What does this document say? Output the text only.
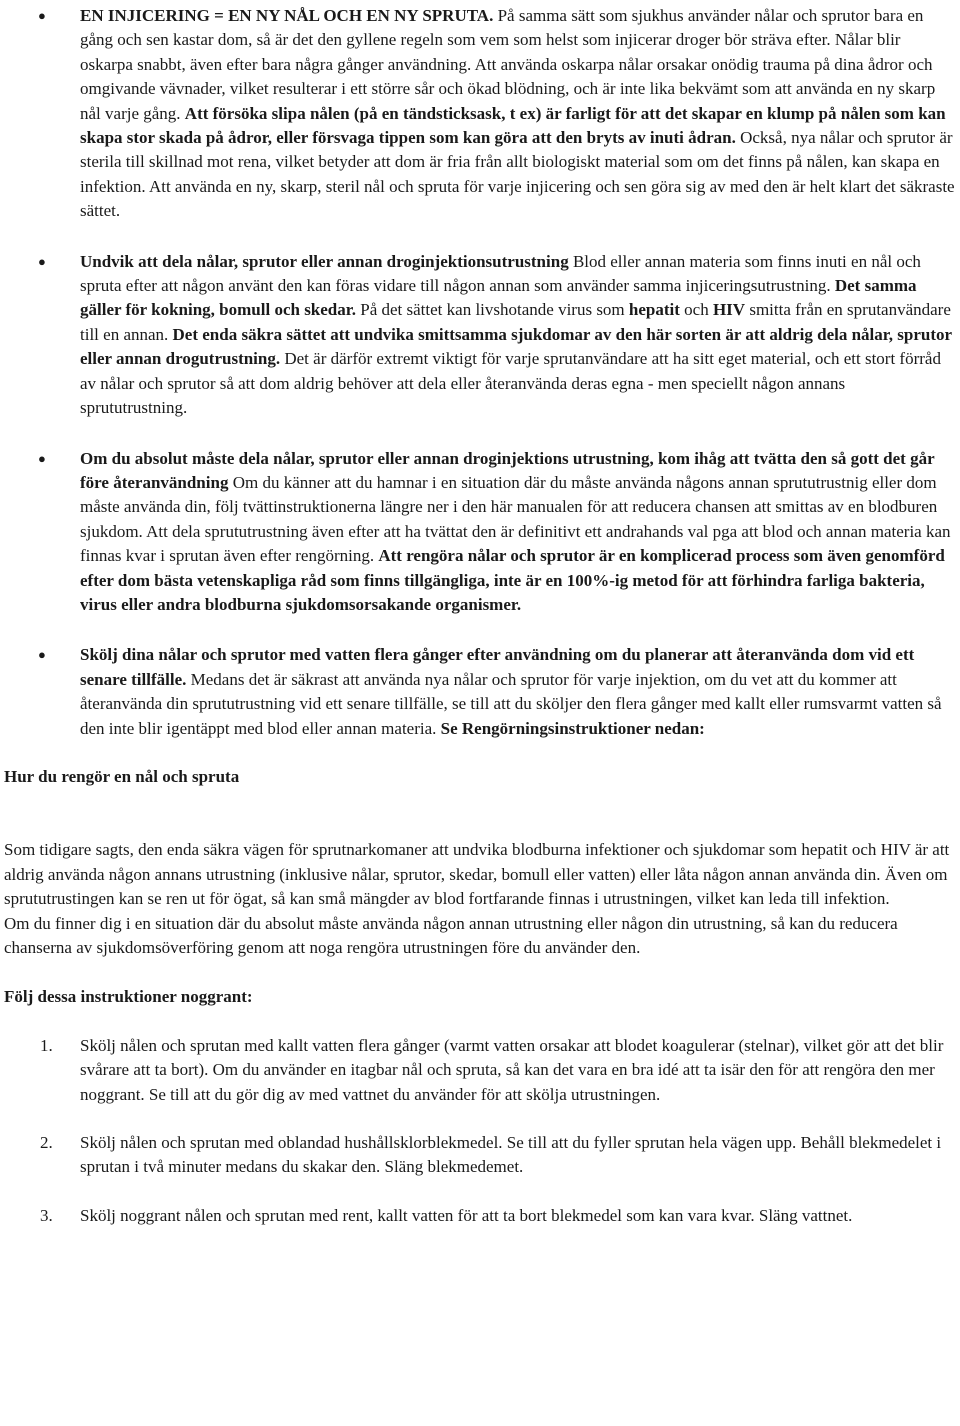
● EN INJICERING = EN NY NÅL OCH EN NY SPRUTA. På samma sätt som sjukhus använder nålar och sprutor bara en gång och sen kastar dom, så är det den gyllene regeln som vem som helst som injicerar droger bör sträva efter. Nålar blir oskarpa snabbt, även efter bara några gånger användning. Att använda oskarpa nålar orsakar onödig trauma på dina ådror och omgivande vävnader, vilket resulterar i ett större sår och ökad blödning, och är inte lika bekvämt som att använda en ny skarp nål varje gång. Att försöka slipa nålen (på en tändsticksask, t ex) är farligt för att det skapar en klump på nålen som kan skapa stor skada på ådror, eller försvaga tippen som kan göra att den bryts av inuti ådran. Också, nya nålar och sprutor är sterila till skillnad mot rena, vilket betyder att dom är fria från allt biologiskt material som om det finns på nålen, kan skapa en infektion. Att använda en ny, skarp, steril nål och spruta för varje injicering och sen göra sig av med den är helt klart det säkraste sättet.
● Undvik att dela nålar, sprutor eller annan droginjektionsutrustning Blod eller annan materia som finns inuti en nål och spruta efter att någon använt den kan föras vidare till någon annan som använder samma injiceringsutrustning. Det samma gäller för kokning, bomull och skedar. På det sättet kan livshotande virus som hepatit och HIV smitta från en sprutanvändare till en annan. Det enda säkra sättet att undvika smittsamma sjukdomar av den här sorten är att aldrig dela nålar, sprutor eller annan drogutrustning. Det är därför extremt viktigt för varje sprutanvändare att ha sitt eget material, och ett stort förråd av nålar och sprutor så att dom aldrig behöver att dela eller återanvända deras egna - men speciellt någon annans sprututrustning.
● Om du absolut måste dela nålar, sprutor eller annan droginjektions utrustning, kom ihåg att tvätta den så gott det går före återanvändning Om du känner att du hamnar i en situation där du måste använda någons annan sprututrustnig eller dom måste använda din, följ tvättinstruktionerna längre ner i den här manualen för att reducera chansen att smittas av en blodburen sjukdom. Att dela sprututrustning även efter att ha tvättat den är definitivt ett andrahands val pga att blod och annan materia kan finnas kvar i sprutan även efter rengörning. Att rengöra nålar och sprutor är en komplicerad process som även genomförd efter dom bästa vetenskapliga råd som finns tillgängliga, inte är en 100%-ig metod för att förhindra farliga bakteria, virus eller andra blodburna sjukdomsorsakande organismer.
● Skölj dina nålar och sprutor med vatten flera gånger efter användning om du planerar att återanvända dom vid ett senare tillfälle. Medans det är säkrast att använda nya nålar och sprutor för varje injektion, om du vet att du kommer att återanvända din sprututrustning vid ett senare tillfälle, se till att du sköljer den flera gånger med kallt eller rumsvarmt vatten så den inte blir igentäppt med blod eller annan materia. Se Rengörningsinstruktioner nedan:

Hur du rengör en nål och spruta

Som tidigare sagts, den enda säkra vägen för sprutnarkomaner att undvika blodburna infektioner och sjukdomar som hepatit och HIV är att aldrig använda någon annans utrustning (inklusive nålar, sprutor, skedar, bomull eller vatten) eller låta någon annan använda din. Även om sprututrustingen kan se ren ut för ögat, så kan små mängder av blod fortfarande finnas i utrustningen, vilket kan leda till infektion.

Om du finner dig i en situation där du absolut måste använda någon annan utrustning eller någon din utrustning, så kan du reducera chanserna av sjukdomsöverföring genom att noga rengöra utrustningen före du använder den.

Följ dessa instruktioner noggrant:

1. Skölj nålen och sprutan med kallt vatten flera gånger (varmt vatten orsakar att blodet koagulerar (stelnar), vilket gör att det blir svårare att ta bort). Om du använder en itagbar nål och spruta, så kan det vara en bra idé att ta isär den för att rengöra den mer noggrant. Se till att du gör dig av med vattnet du använder för att skölja utrustningen.
2. Skölj nålen och sprutan med oblandad hushållsklorblekmedel. Se till att du fyller sprutan hela vägen upp. Behåll blekmedelet i sprutan i två minuter medans du skakar den. Släng blekmedemet.
3. Skölj noggrant nålen och sprutan med rent, kallt vatten för att ta bort blekmedel som kan vara kvar. Släng vattnet.
